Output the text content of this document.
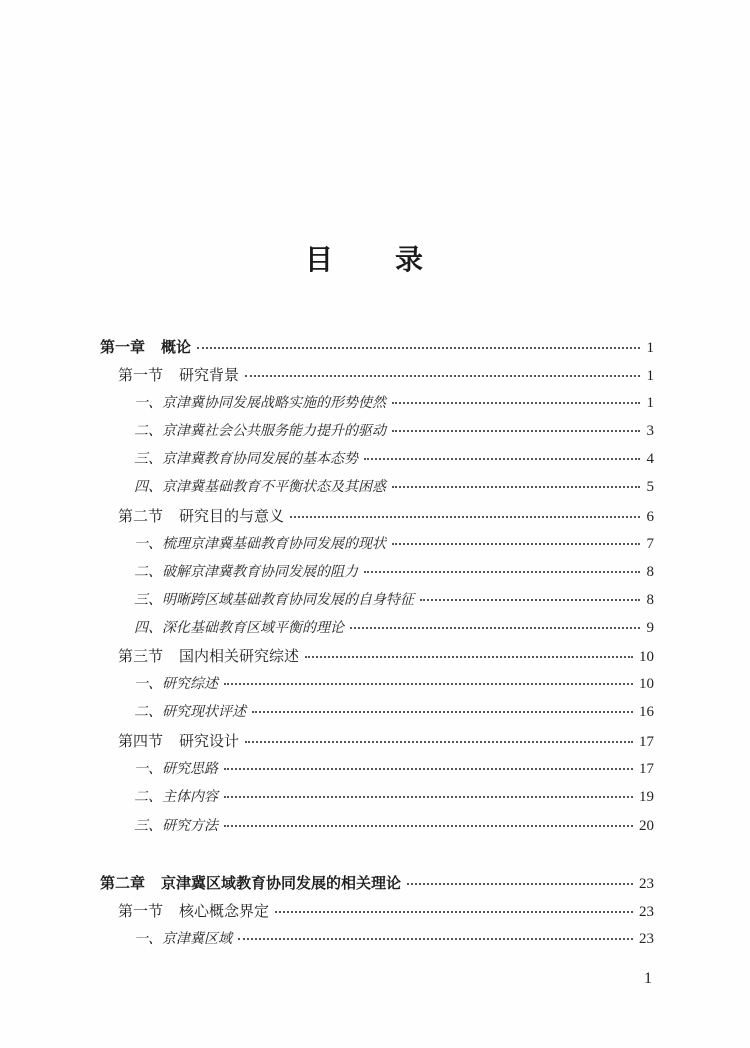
目录
第一章 概论	1
第一节 研究背景	1
一、京津冀协同发展战略实施的形势使然	1
二、京津冀社会公共服务能力提升的驱动	3
三、京津冀教育协同发展的基本态势	4
四、京津冀基础教育不平衡状态及其困惑	5
第二节 研究目的与意义	6
一、梳理京津冀基础教育协同发展的现状	7
二、破解京津冀教育协同发展的阻力	8
三、明晰跨区域基础教育协同发展的自身特征	8
四、深化基础教育区域平衡的理论	9
第三节 国内相关研究综述	10
一、研究综述	10
二、研究现状评述	16
第四节 研究设计	17
一、研究思路	17
二、主体内容	19
三、研究方法	20
第二章 京津冀区域教育协同发展的相关理论	23
第一节 核心概念界定	23
一、京津冀区域	23
1
